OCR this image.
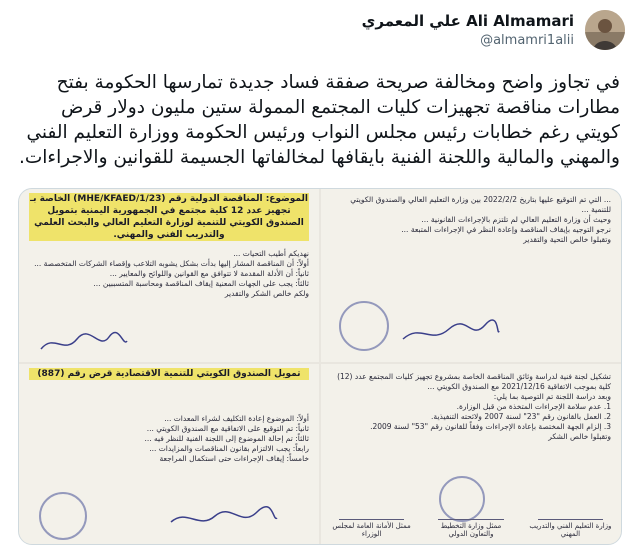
علي المعمري Ali Almamari
@almamri1alii
في تجاوز واضح ومخالفة صريحة صفقة فساد جديدة تمارسها الحكومة بفتح مطارات مناقصة تجهيزات كليات المجتمع الممولة ستين مليون دولار قرض كويتي رغم خطابات رئيس مجلس النواب ورئيس الحكومة ووزارة التعليم الفني والمهني والمالية واللجنة الفنية بايقافها لمخالفاتها الجسيمة للقوانين والاجراءات.
الموضوع: المناقصة الدولية رقم (MHE/KFAED/1/23) الخاصة بـ تجهيز عدد 12 كلية مجتمع في الجمهورية اليمنية بتمويل الصندوق الكويتي للتنمية لوزارة التعليم العالي والبحث العلمي والتدريب الفني والمهني.
نهديكم أطيب التحيات ...
أولاً: أن المناقصة المشار إليها بدأت بشكل يشوبه التلاعب وإقصاء الشركات المتخصصة ...
ثانياً: أن الأدلة المقدمة لا تتوافق مع القوانين واللوائح والمعايير ...
ثالثاً: يجب على الجهات المعنية إيقاف المناقصة ومحاسبة المتسببين ...
ولكم خالص الشكر والتقدير
... التي تم التوقيع عليها بتاريخ 2022/2/2 بين وزارة التعليم العالي والصندوق الكويتي للتنمية ...
وحيث أن وزارة التعليم العالي لم تلتزم بالإجراءات القانونية ...
نرجو التوجيه بإيقاف المناقصة وإعادة النظر في الإجراءات المتبعة ...
وتقبلوا خالص التحية والتقدير
تمويل الصندوق الكويتي للتنمية الاقتصادية قرض رقم (887)
أولاً: الموضوع إعادة التكليف لشراء المعدات ...
ثانياً: تم التوقيع على الاتفاقية مع الصندوق الكويتي ...
ثالثاً: تم إحالة الموضوع إلى اللجنة الفنية للنظر فيه ...
رابعاً: يجب الالتزام بقانون المناقصات والمزايدات ...
خامساً: إيقاف الإجراءات حتى استكمال المراجعة
تشكيل لجنة فنية لدراسة وثائق المناقصة الخاصة بمشروع تجهيز كليات المجتمع عدد (12) كلية بموجب الاتفاقية 2021/12/16 مع الصندوق الكويتي ...
وبعد دراسة اللجنة تم التوصية بما يلي:
1. عدم سلامة الإجراءات المتخذة من قبل الوزارة.
2. العمل بالقانون رقم "23" لسنة 2007 ولائحته التنفيذية.
3. إلزام الجهة المختصة بإعادة الإجراءات وفقاً للقانون رقم "53" لسنة 2009.
وتقبلوا خالص الشكر
وزارة التعليم الفني والتدريب المهني
ممثل وزارة التخطيط والتعاون الدولي
ممثل الأمانة العامة لمجلس الوزراء
